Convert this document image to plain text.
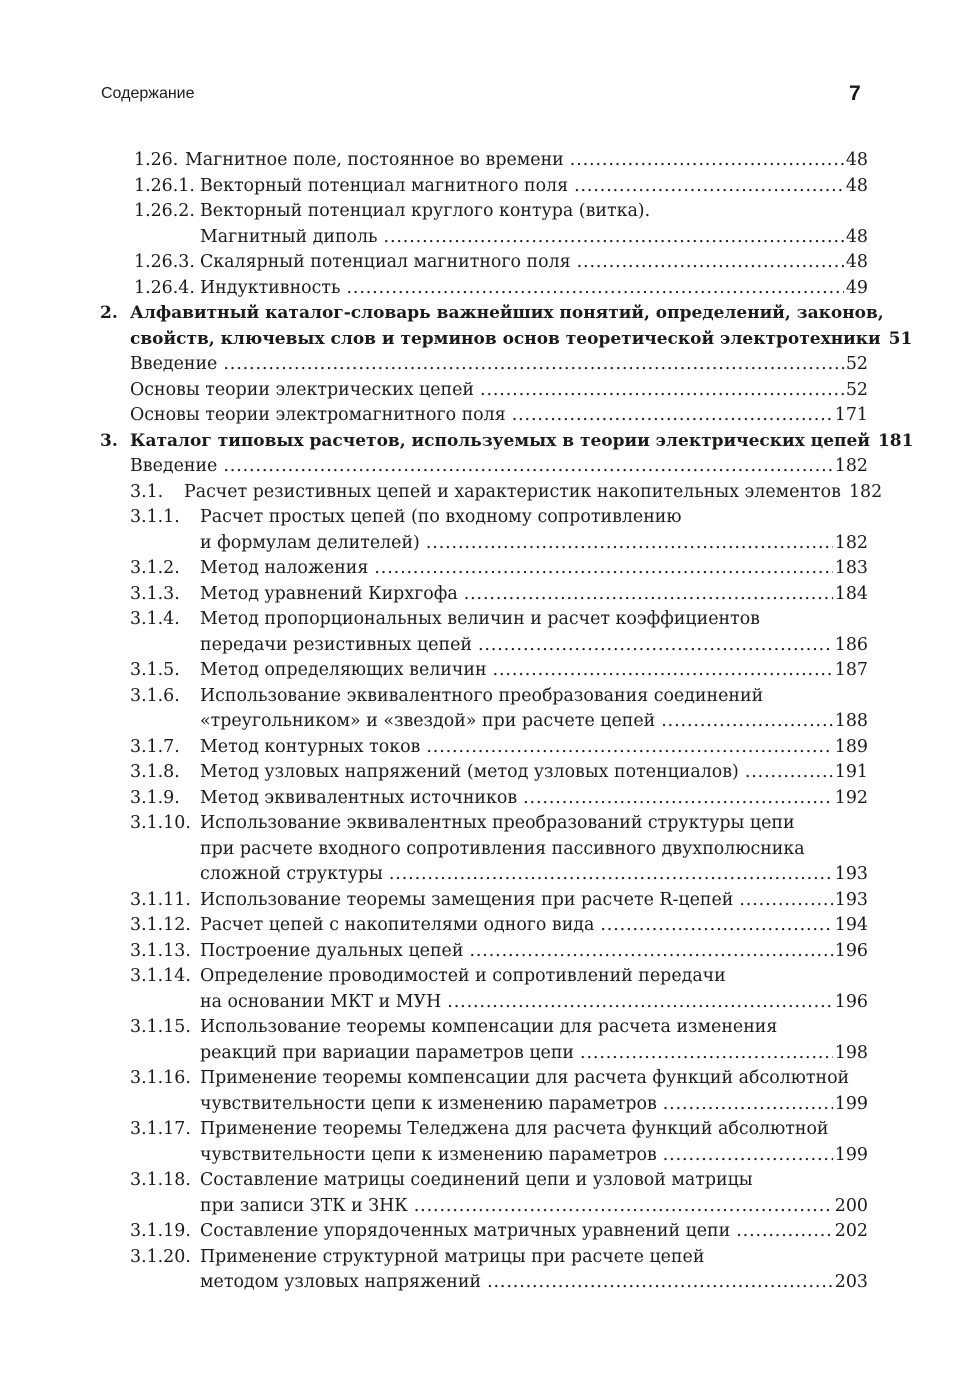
Содержание	7
1.26. Магнитное поле, постоянное во времени .....	48
1.26.1. Векторный потенциал магнитного поля .....	48
1.26.2. Векторный потенциал круглого контура (витка).
Магнитный диполь .....	48
1.26.3. Скалярный потенциал магнитного поля .....	48
1.26.4. Индуктивность .....	49
2. Алфавитный каталог-словарь важнейших понятий, определений, законов,
свойств, ключевых слов и терминов основ теоретической электротехники 51
Введение .....	52
Основы теории электрических цепей .....	52
Основы теории электромагнитного поля .....	171
3. Каталог типовых расчетов, используемых в теории электрических цепей 181
Введение .....	182
3.1. Расчет резистивных цепей и характеристик накопительных элементов 182
3.1.1. Расчет простых цепей (по входному сопротивлению
и формулам делителей) .....	182
3.1.2. Метод наложения .....	183
3.1.3. Метод уравнений Кирхгофа .....	184
3.1.4. Метод пропорциональных величин и расчет коэффициентов
передачи резистивных цепей .....	186
3.1.5. Метод определяющих величин .....	187
3.1.6. Использование эквивалентного преобразования соединений
«треугольником» и «звездой» при расчете цепей .....	188
3.1.7. Метод контурных токов .....	189
3.1.8. Метод узловых напряжений (метод узловых потенциалов) .....	191
3.1.9. Метод эквивалентных источников .....	192
3.1.10. Использование эквивалентных преобразований структуры цепи
при расчете входного сопротивления пассивного двухполюсника
сложной структуры .....	193
3.1.11. Использование теоремы замещения при расчете R-цепей .....	193
3.1.12. Расчет цепей с накопителями одного вида .....	194
3.1.13. Построение дуальных цепей .....	196
3.1.14. Определение проводимостей и сопротивлений передачи
на основании МКТ и МУН .....	196
3.1.15. Использование теоремы компенсации для расчета изменения
реакций при вариации параметров цепи .....	198
3.1.16. Применение теоремы компенсации для расчета функций абсолютной
чувствительности цепи к изменению параметров .....	199
3.1.17. Применение теоремы Теледжена для расчета функций абсолютной
чувствительности цепи к изменению параметров .....	199
3.1.18. Составление матрицы соединений цепи и узловой матрицы
при записи ЗТК и ЗНК .....	200
3.1.19. Составление упорядоченных матричных уравнений цепи .....	202
3.1.20. Применение структурной матрицы при расчете цепей
методом узловых напряжений .....	203
